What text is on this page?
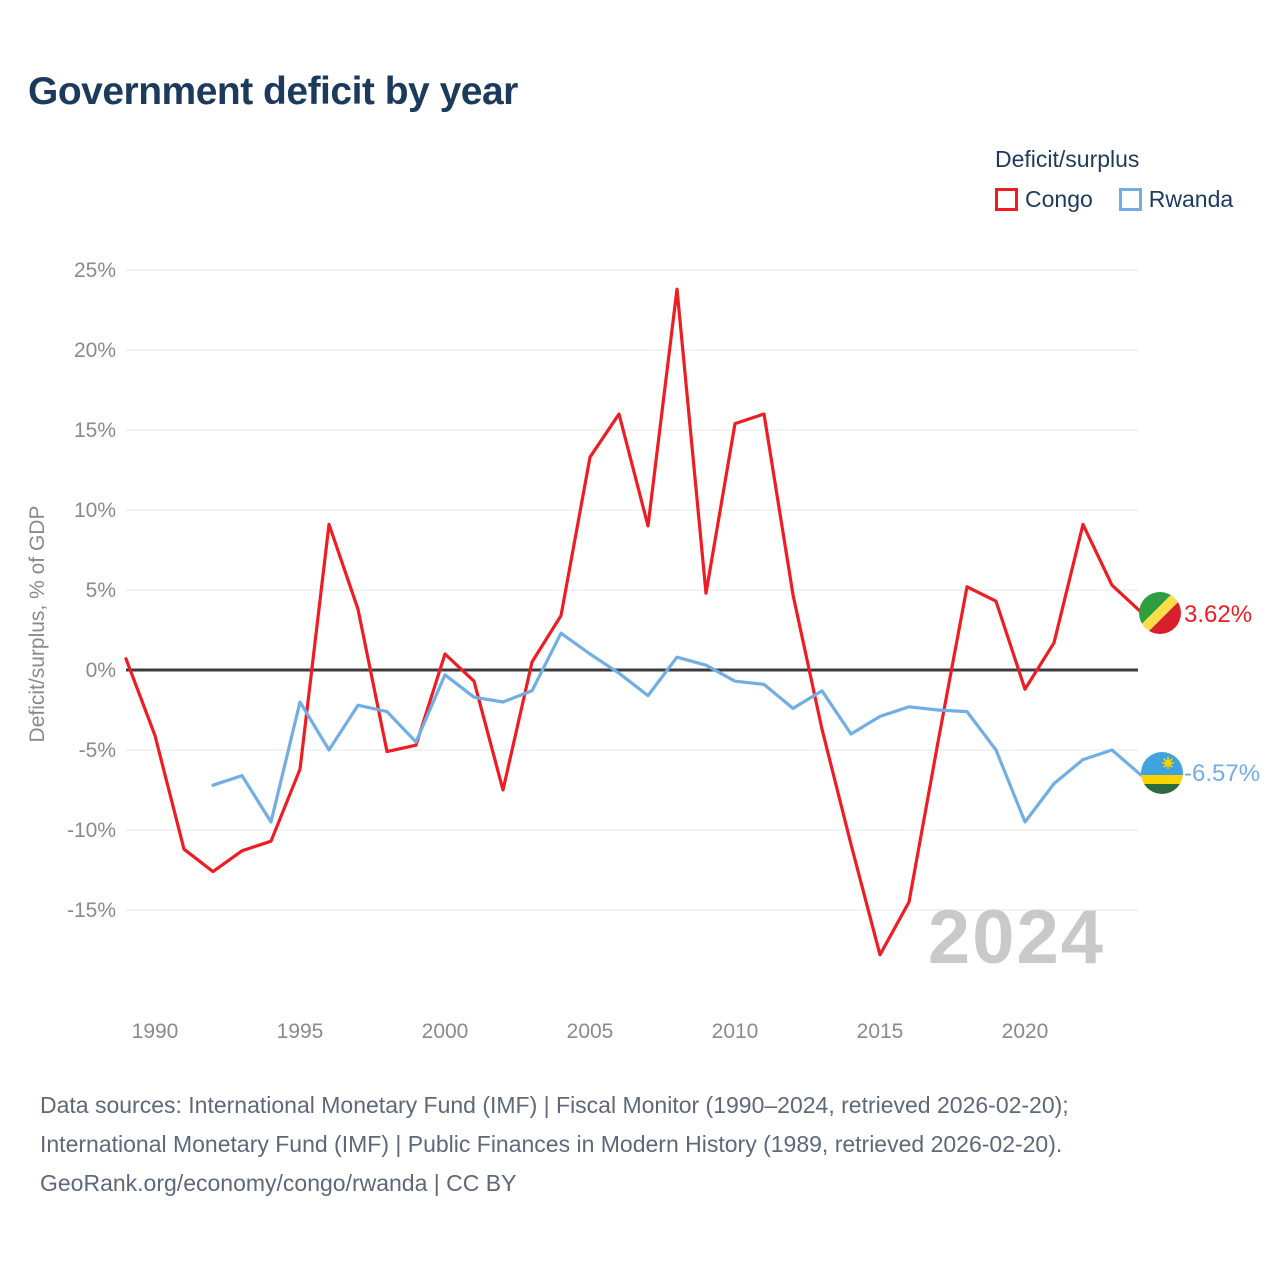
Government deficit by year
Deficit/surplus
Congo Rwanda
25%
20%
15%
10%
5%
0%
-5%
-10%
-15%
1990	1995	2000	2005	2010	2015	2020
2024
Deficit/surplus, % of GDP	3.62%
-6.57%
Data sources: International Monetary Fund (IMF) | Fiscal Monitor (1990–2024, retrieved 2026-02-20);
International Monetary Fund (IMF) | Public Finances in Modern History (1989, retrieved 2026-02-20).
GeoRank.org/economy/congo/rwanda | CC BY
